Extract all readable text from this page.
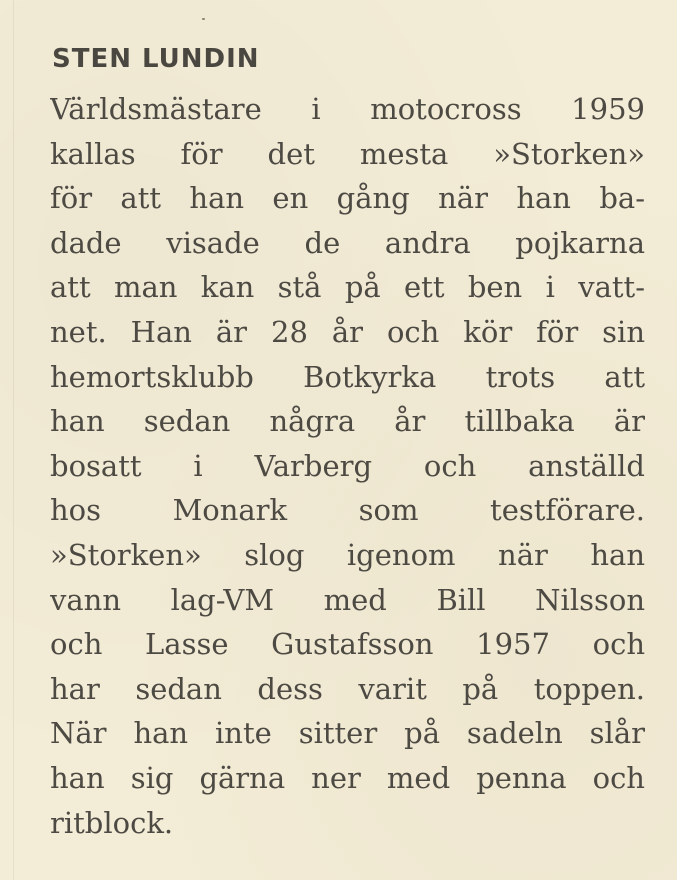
STEN LUNDIN
Världsmästare i motocross 1959
kallas för det mesta »Storken»
för att han en gång när han ba-
dade visade de andra pojkarna
att man kan stå på ett ben i vatt-
net. Han är 28 år och kör för sin
hemortsklubb Botkyrka trots att
han sedan några år tillbaka är
bosatt i Varberg och anställd
hos Monark som testförare.
»Storken» slog igenom när han
vann lag-VM med Bill Nilsson
och Lasse Gustafsson 1957 och
har sedan dess varit på toppen.
När han inte sitter på sadeln slår
han sig gärna ner med penna och
ritblock.
